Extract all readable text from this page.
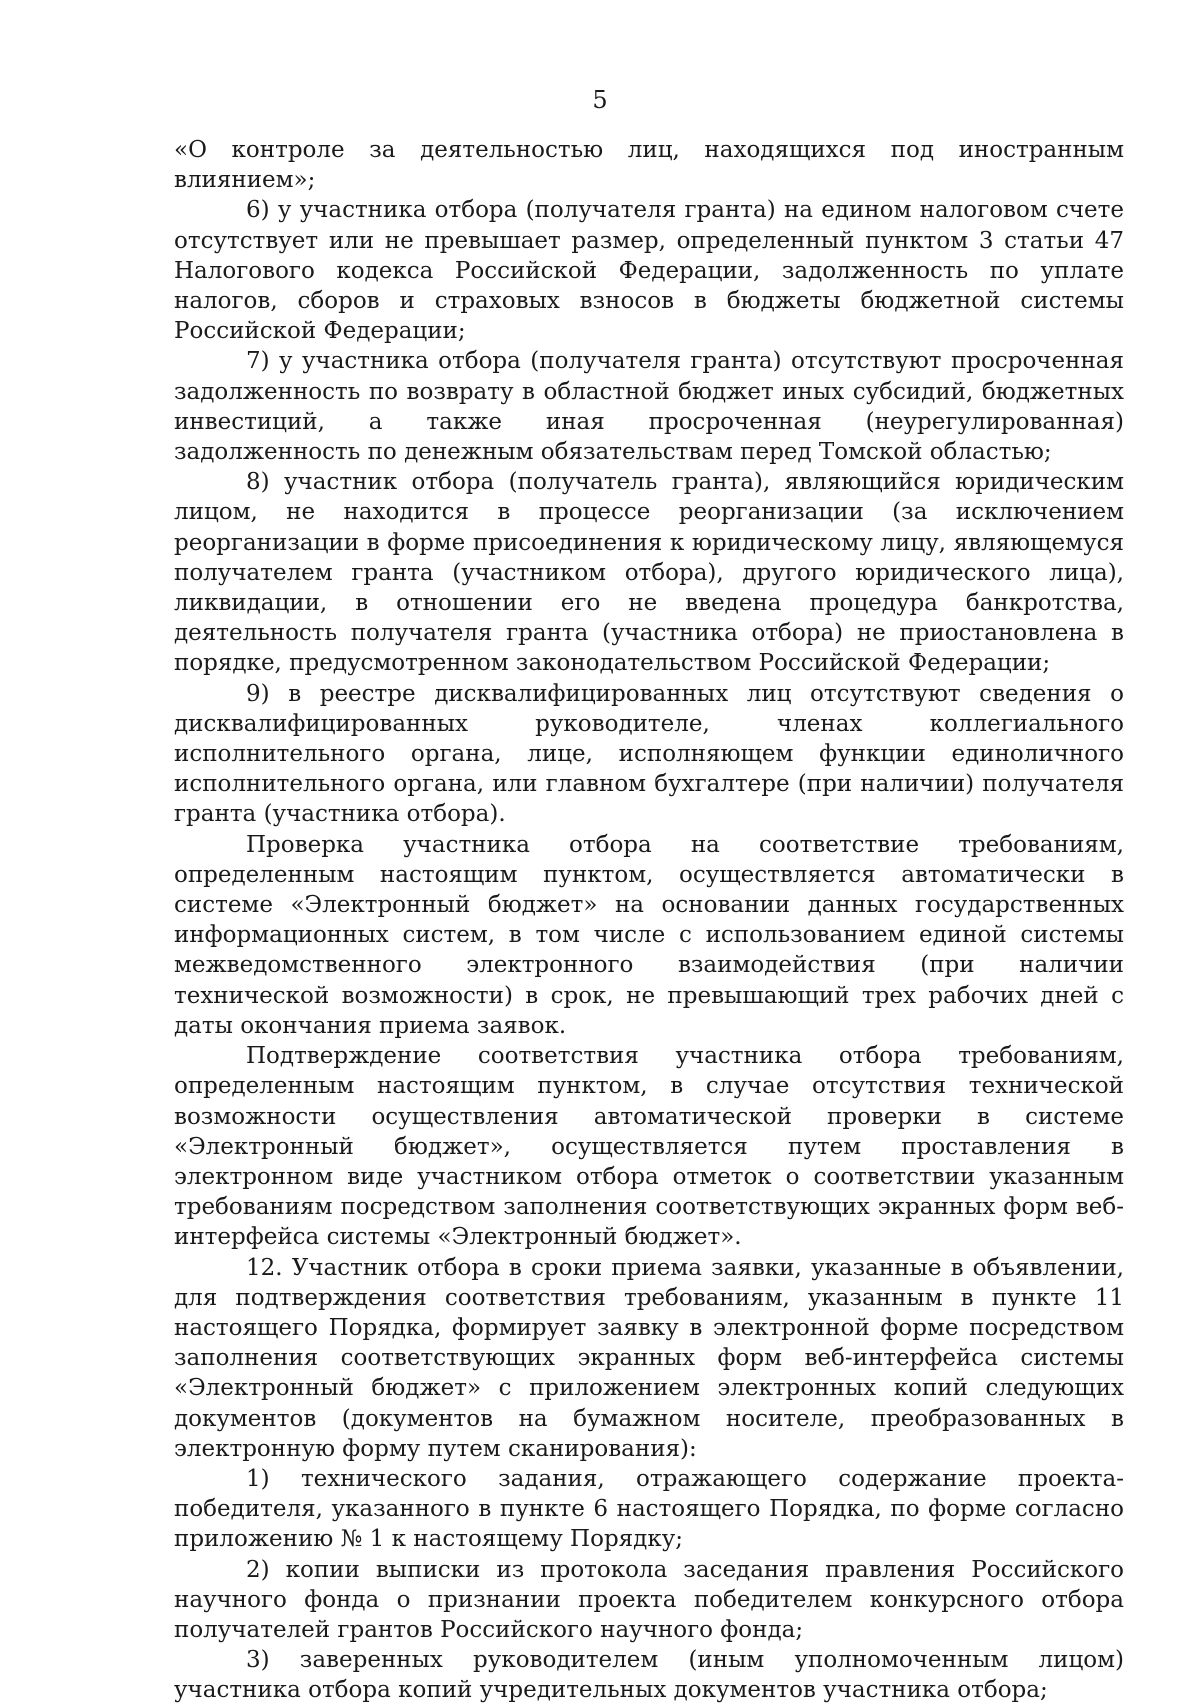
5

«О контроле за деятельностью лиц, находящихся под иностранным влиянием»;

6) у участника отбора (получателя гранта) на едином налоговом счете отсутствует или не превышает размер, определенный пунктом 3 статьи 47 Налогового кодекса Российской Федерации, задолженность по уплате налогов, сборов и страховых взносов в бюджеты бюджетной системы Российской Федерации;

7) у участника отбора (получателя гранта) отсутствуют просроченная задолженность по возврату в областной бюджет иных субсидий, бюджетных инвестиций, а также иная просроченная (неурегулированная) задолженность по денежным обязательствам перед Томской областью;

8) участник отбора (получатель гранта), являющийся юридическим лицом, не находится в процессе реорганизации (за исключением реорганизации в форме присоединения к юридическому лицу, являющемуся получателем гранта (участником отбора), другого юридического лица), ликвидации, в отношении его не введена процедура банкротства, деятельность получателя гранта (участника отбора) не приостановлена в порядке, предусмотренном законодательством Российской Федерации;

9) в реестре дисквалифицированных лиц отсутствуют сведения о дисквалифицированных руководителе, членах коллегиального исполнительного органа, лице, исполняющем функции единоличного исполнительного органа, или главном бухгалтере (при наличии) получателя гранта (участника отбора).

Проверка участника отбора на соответствие требованиям, определенным настоящим пунктом, осуществляется автоматически в системе «Электронный бюджет» на основании данных государственных информационных систем, в том числе с использованием единой системы межведомственного электронного взаимодействия (при наличии технической возможности) в срок, не превышающий трех рабочих дней с даты окончания приема заявок.

Подтверждение соответствия участника отбора требованиям, определенным настоящим пунктом, в случае отсутствия технической возможности осуществления автоматической проверки в системе «Электронный бюджет», осуществляется путем проставления в электронном виде участником отбора отметок о соответствии указанным требованиям посредством заполнения соответствующих экранных форм веб-интерфейса системы «Электронный бюджет».

12. Участник отбора в сроки приема заявки, указанные в объявлении, для подтверждения соответствия требованиям, указанным в пункте 11 настоящего Порядка, формирует заявку в электронной форме посредством заполнения соответствующих экранных форм веб-интерфейса системы «Электронный бюджет» с приложением электронных копий следующих документов (документов на бумажном носителе, преобразованных в электронную форму путем сканирования):

1) технического задания, отражающего содержание проекта-победителя, указанного в пункте 6 настоящего Порядка, по форме согласно приложению № 1 к настоящему Порядку;

2) копии выписки из протокола заседания правления Российского научного фонда о признании проекта победителем конкурсного отбора получателей грантов Российского научного фонда;

3) заверенных руководителем (иным уполномоченным лицом) участника отбора копий учредительных документов участника отбора;
